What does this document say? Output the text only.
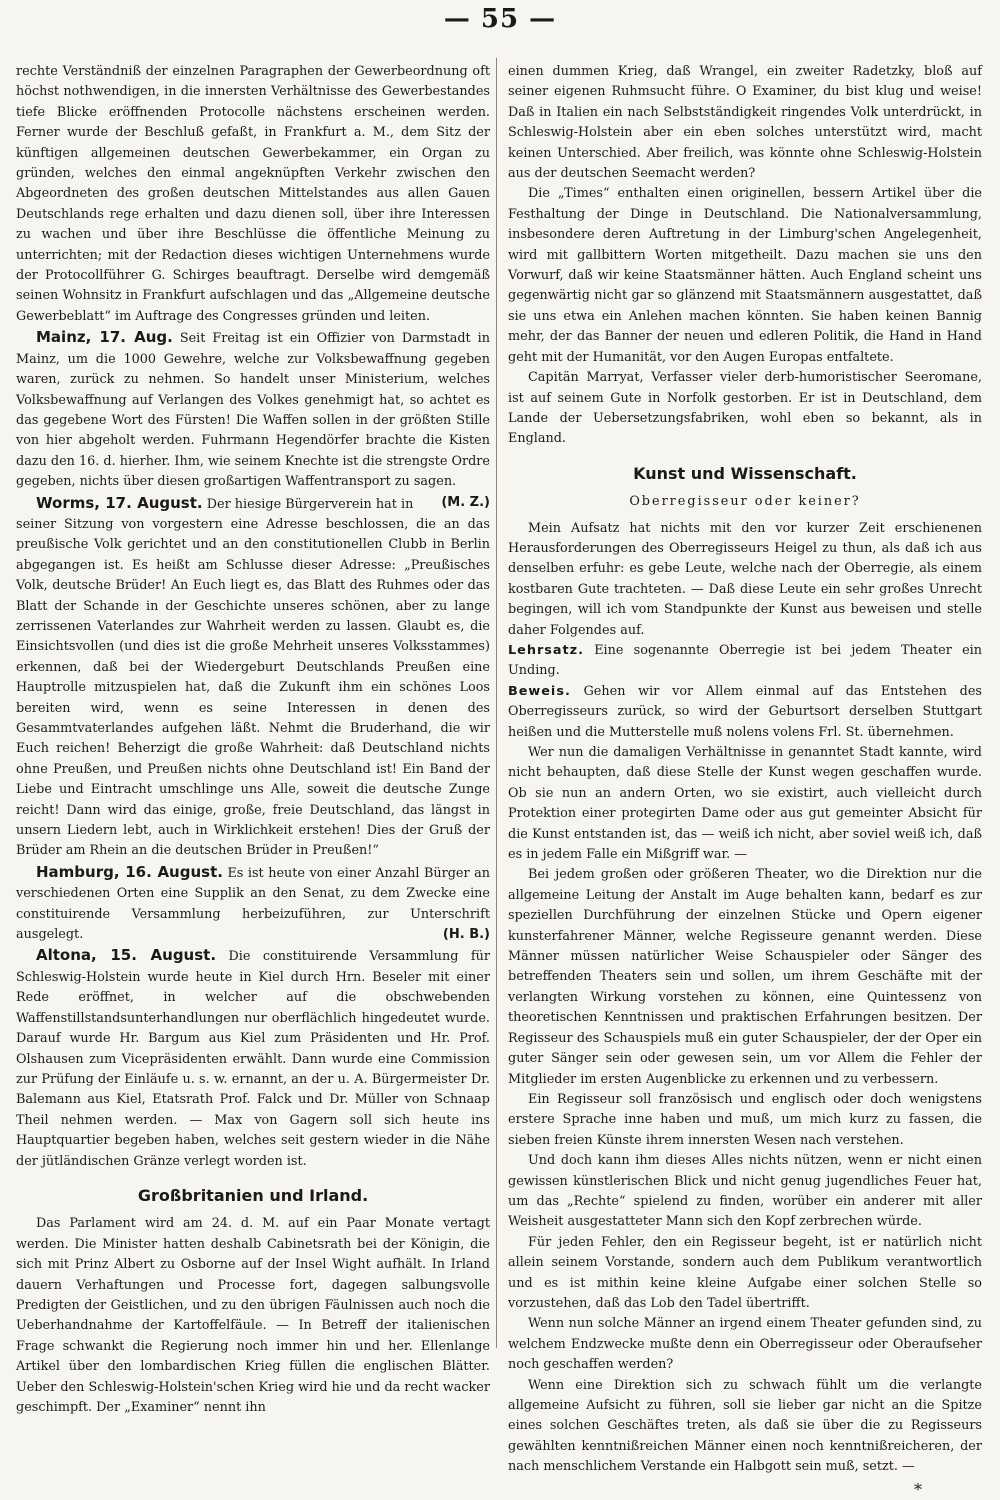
— 55 —

rechte Verständniß der einzelnen Paragraphen der Gewerbeordnung oft höchst nothwendigen, in die innersten Verhältnisse des Gewerbestandes tiefe Blicke eröffnenden Protocolle nächstens erscheinen werden. Ferner wurde der Beschluß gefaßt, in Frankfurt a. M., dem Sitz der künftigen allgemeinen deutschen Gewerbekammer, ein Organ zu gründen, welches den einmal angeknüpften Verkehr zwischen den Abgeordneten des großen deutschen Mittelstandes aus allen Gauen Deutschlands rege erhalten und dazu dienen soll, über ihre Interessen zu wachen und über ihre Beschlüsse die öffentliche Meinung zu unterrichten; mit der Redaction dieses wichtigen Unternehmens wurde der Protocollführer G. Schirges beauftragt. Derselbe wird demgemäß seinen Wohnsitz in Frankfurt aufschlagen und das „Allgemeine deutsche Gewerbeblatt“ im Auftrage des Congresses gründen und leiten.

Mainz, 17. Aug. Seit Freitag ist ein Offizier von Darmstadt in Mainz, um die 1000 Gewehre, welche zur Volksbewaffnung gegeben waren, zurück zu nehmen. So handelt unser Ministerium, welches Volksbewaffnung auf Verlangen des Volkes genehmigt hat, so achtet es das gegebene Wort des Fürsten! Die Waffen sollen in der größten Stille von hier abgeholt werden. Fuhrmann Hegendörfer brachte die Kisten dazu den 16. d. hierher. Ihm, wie seinem Knechte ist die strengste Ordre gegeben, nichts über diesen großartigen Waffentransport zu sagen.
(M. Z.)

Worms, 17. August. Der hiesige Bürgerverein hat in seiner Sitzung von vorgestern eine Adresse beschlossen, die an das preußische Volk gerichtet und an den constitutionellen Clubb in Berlin abgegangen ist. Es heißt am Schlusse dieser Adresse: „Preußisches Volk, deutsche Brüder! An Euch liegt es, das Blatt des Ruhmes oder das Blatt der Schande in der Geschichte unseres schönen, aber zu lange zerrissenen Vaterlandes zur Wahrheit werden zu lassen. Glaubt es, die Einsichtsvollen (und dies ist die große Mehrheit unseres Volksstammes) erkennen, daß bei der Wiedergeburt Deutschlands Preußen eine Hauptrolle mitzuspielen hat, daß die Zukunft ihm ein schönes Loos bereiten wird, wenn es seine Interessen in denen des Gesammtvaterlandes aufgehen läßt. Nehmt die Bruderhand, die wir Euch reichen! Beherzigt die große Wahrheit: daß Deutschland nichts ohne Preußen, und Preußen nichts ohne Deutschland ist! Ein Band der Liebe und Eintracht umschlinge uns Alle, soweit die deutsche Zunge reicht! Dann wird das einige, große, freie Deutschland, das längst in unsern Liedern lebt, auch in Wirklichkeit erstehen! Dies der Gruß der Brüder am Rhein an die deutschen Brüder in Preußen!“

Hamburg, 16. August. Es ist heute von einer Anzahl Bürger an verschiedenen Orten eine Supplik an den Senat, zu dem Zwecke eine constituirende Versammlung herbeizuführen, zur Unterschrift ausgelegt.	(H. B.)

Altona, 15. August. Die constituirende Versammlung für Schleswig-Holstein wurde heute in Kiel durch Hrn. Beseler mit einer Rede eröffnet, in welcher auf die obschwebenden Waffenstillstandsunterhandlungen nur oberflächlich hingedeutet wurde. Darauf wurde Hr. Bargum aus Kiel zum Präsidenten und Hr. Prof. Olshausen zum Vicepräsidenten erwählt. Dann wurde eine Commission zur Prüfung der Einläufe u. s. w. ernannt, an der u. A. Bürgermeister Dr. Balemann aus Kiel, Etatsrath Prof. Falck und Dr. Müller von Schnaap Theil nehmen werden. — Max von Gagern soll sich heute ins Hauptquartier begeben haben, welches seit gestern wieder in die Nähe der jütländischen Gränze verlegt worden ist.

Großbritanien und Irland.

Das Parlament wird am 24. d. M. auf ein Paar Monate vertagt werden. Die Minister hatten deshalb Cabinetsrath bei der Königin, die sich mit Prinz Albert zu Osborne auf der Insel Wight aufhält. In Irland dauern Verhaftungen und Processe fort, dagegen salbungsvolle Predigten der Geistlichen, und zu den übrigen Fäulnissen auch noch die Ueberhandnahme der Kartoffelfäule. — In Betreff der italienischen Frage schwankt die Regierung noch immer hin und her. Ellenlange Artikel über den lombardischen Krieg füllen die englischen Blätter. Ueber den Schleswig-Holstein'schen Krieg wird hie und da recht wacker geschimpft. Der „Examiner“ nennt ihn

einen dummen Krieg, daß Wrangel, ein zweiter Radetzky, bloß auf seiner eigenen Ruhmsucht führe. O Examiner, du bist klug und weise! Daß in Italien ein nach Selbstständigkeit ringendes Volk unterdrückt, in Schleswig-Holstein aber ein eben solches unterstützt wird, macht keinen Unterschied. Aber freilich, was könnte ohne Schleswig-Holstein aus der deutschen Seemacht werden?

Die „Times“ enthalten einen originellen, bessern Artikel über die Festhaltung der Dinge in Deutschland. Die Nationalversammlung, insbesondere deren Auftretung in der Limburg'schen Angelegenheit, wird mit gallbittern Worten mitgetheilt. Dazu machen sie uns den Vorwurf, daß wir keine Staatsmänner hätten. Auch England scheint uns gegenwärtig nicht gar so glänzend mit Staatsmännern ausgestattet, daß sie uns etwa ein Anlehen machen könnten. Sie haben keinen Bannig mehr, der das Banner der neuen und edleren Politik, die Hand in Hand geht mit der Humanität, vor den Augen Europas entfaltete.

Capitän Marryat, Verfasser vieler derb-humoristischer Seeromane, ist auf seinem Gute in Norfolk gestorben. Er ist in Deutschland, dem Lande der Uebersetzungsfabriken, wohl eben so bekannt, als in England.

Kunst und Wissenschaft.
Oberregisseur oder keiner?

Mein Aufsatz hat nichts mit den vor kurzer Zeit erschienenen Herausforderungen des Oberregisseurs Heigel zu thun, als daß ich aus denselben erfuhr: es gebe Leute, welche nach der Oberregie, als einem kostbaren Gute trachteten. — Daß diese Leute ein sehr großes Unrecht begingen, will ich vom Standpunkte der Kunst aus beweisen und stelle daher Folgendes auf.

Lehrsatz. Eine sogenannte Oberregie ist bei jedem Theater ein Unding.

Beweis. Gehen wir vor Allem einmal auf das Entstehen des Oberregisseurs zurück, so wird der Geburtsort derselben Stuttgart heißen und die Mutterstelle muß nolens volens Frl. St. übernehmen.

Wer nun die damaligen Verhältnisse in genanntet Stadt kannte, wird nicht behaupten, daß diese Stelle der Kunst wegen geschaffen wurde. Ob sie nun an andern Orten, wo sie existirt, auch vielleicht durch Protektion einer protegirten Dame oder aus gut gemeinter Absicht für die Kunst entstanden ist, das — weiß ich nicht, aber soviel weiß ich, daß es in jedem Falle ein Mißgriff war. —

Bei jedem großen oder größeren Theater, wo die Direktion nur die allgemeine Leitung der Anstalt im Auge behalten kann, bedarf es zur speziellen Durchführung der einzelnen Stücke und Opern eigener kunsterfahrener Männer, welche Regisseure genannt werden. Diese Männer müssen natürlicher Weise Schauspieler oder Sänger des betreffenden Theaters sein und sollen, um ihrem Geschäfte mit der verlangten Wirkung vorstehen zu können, eine Quintessenz von theoretischen Kenntnissen und praktischen Erfahrungen besitzen. Der Regisseur des Schauspiels muß ein guter Schauspieler, der der Oper ein guter Sänger sein oder gewesen sein, um vor Allem die Fehler der Mitglieder im ersten Augenblicke zu erkennen und zu verbessern.

Ein Regisseur soll französisch und englisch oder doch wenigstens erstere Sprache inne haben und muß, um mich kurz zu fassen, die sieben freien Künste ihrem innersten Wesen nach verstehen.

Und doch kann ihm dieses Alles nichts nützen, wenn er nicht einen gewissen künstlerischen Blick und nicht genug jugendliches Feuer hat, um das „Rechte“ spielend zu finden, worüber ein anderer mit aller Weisheit ausgestatteter Mann sich den Kopf zerbrechen würde.

Für jeden Fehler, den ein Regisseur begeht, ist er natürlich nicht allein seinem Vorstande, sondern auch dem Publikum verantwortlich und es ist mithin keine kleine Aufgabe einer solchen Stelle so vorzustehen, daß das Lob den Tadel übertrifft.

Wenn nun solche Männer an irgend einem Theater gefunden sind, zu welchem Endzwecke mußte denn ein Oberregisseur oder Oberaufseher noch geschaffen werden?

Wenn eine Direktion sich zu schwach fühlt um die verlangte allgemeine Aufsicht zu führen, soll sie lieber gar nicht an die Spitze eines solchen Geschäftes treten, als daß sie über die zu Regisseurs gewählten kenntnißreichen Männer einen noch kenntnißreicheren, der nach menschlichem Verstande ein Halbgott sein muß, setzt. —

*
